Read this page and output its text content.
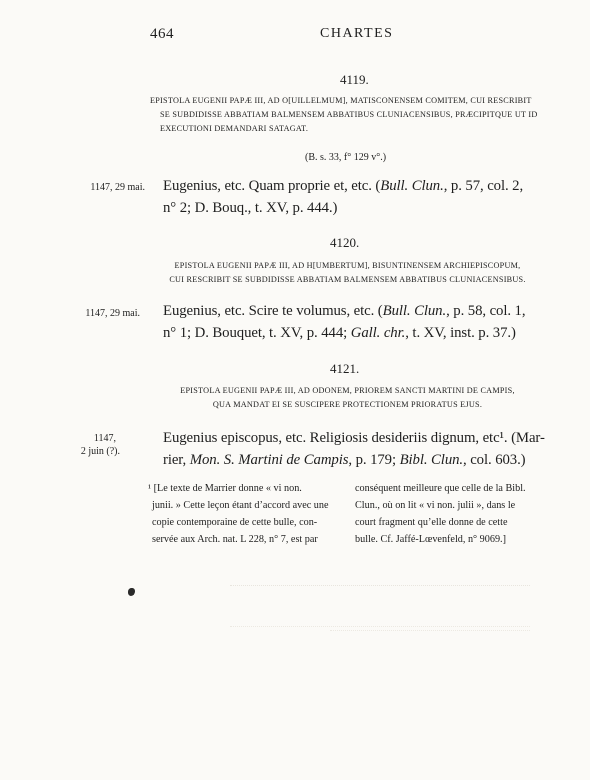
464	CHARTES
4119.
EPISTOLA EUGENII PAPÆ III, AD O[UILLELMUM], MATISCONENSEM COMITEM, CUI RESCRIBIT
SE SUBDIDISSE ABBATIAM BALMENSEM ABBATIBUS CLUNIACENSIBUS, PRÆCIPITQUE UT ID
EXECUTIONI DEMANDARI SATAGAT.
(B. s. 33, f° 129 v°.)
1147, 29 mai. Eugenius, etc. Quam proprie et, etc. (Bull. Clun., p. 57, col. 2,
n° 2; D. Bouq., t. XV, p. 444.)
4120.
EPISTOLA EUGENII PAPÆ III, AD H[UMBERTUM], BISUNTINENSEM ARCHIEPISCOPUM,
CUI RESCRIBIT SE SUBDIDISSE ABBATIAM BALMENSEM ABBATIBUS CLUNIACENSIBUS.
1147, 29 mai. Eugenius, etc. Scire te volumus, etc. (Bull. Clun., p. 58, col. 1,
n° 1; D. Bouquet, t. XV, p. 444; Gall. chr., t. XV, inst. p. 37.)
4121.
EPISTOLA EUGENII PAPÆ III, AD ODONEM, PRIOREM SANCTI MARTINI DE CAMPIS,
QUA MANDAT EI SE SUSCIPERE PROTECTIONEM PRIORATUS EJUS.
1147,
2 juin (?).
Eugenius episcopus, etc. Religiosis desideriis dignum, etc¹. (Mar-
rier, Mon. S. Martini de Campis, p. 179; Bibl. Clun., col. 603.)
¹ [Le texte de Marrier donne « vi non.
junii. » Cette leçon étant d’accord avec une
copie contemporaine de cette bulle, con-
servée aux Arch. nat. L 228, n° 7, est par
conséquent meilleure que celle de la Bibl.
Clun., où on lit « vi non. julii », dans le
court fragment qu’elle donne de cette
bulle. Cf. Jaffé-Lœvenfeld, n° 9069.]
